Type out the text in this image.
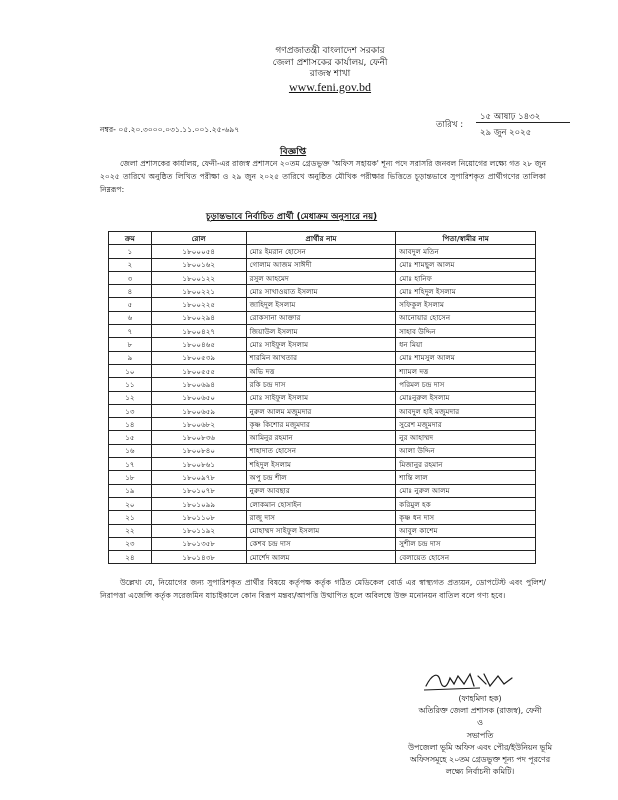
গণপ্রজাতন্ত্রী বাংলাদেশ সরকার
জেলা প্রশাসকের কার্যালয়, ফেনী
রাজস্ব শাখা
www.feni.gov.bd
নম্বর- ০৫.২০.৩০০০.০৩১.১১.০০১.২৫-৬৯৭	তারিখ :
১৫ আষাঢ় ১৪৩২
২৯ জুন ২০২৫
বিজ্ঞপ্তি
জেলা প্রশাসকের কার্যালয়, ফেনী-এর রাজস্ব প্রশাসনে ২০তম গ্রেডভুক্ত 'অফিস সহায়ক' শূন্য পদে সরাসরি জনবল নিয়োগের লক্ষ্যে গত ২৮ জুন ২০২৫ তারিখে অনুষ্ঠিত লিখিত পরীক্ষা ও ২৯ জুন ২০২৫ তারিখে অনুষ্ঠিত মৌখিক পরীক্ষার ভিত্তিতে চূড়ান্তভাবে সুপারিশকৃত প্রার্থীগণের তালিকা নিম্নরূপ:
চূড়ান্তভাবে নির্বাচিত প্রার্থী (মেধাক্রম অনুসারে নয়)
ক্রম	রোল	প্রার্থীর নাম	পিতা/স্বামীর নাম
১	১৮০০০৫৪	মোঃ ইমরান হোসেন	আবদুল মতিন
২	১৮০০১৬২	গোলাম আজম সাঈদী	মোঃ শামছুল আলম
৩	১৮০০১২২	রসুল আহমেদ	মোঃ হানিফ
৪	১৮০০২২১	মোঃ সাখাওয়াত ইসলাম	মোঃ শহিদুল ইসলাম
৫	১৮০০২২৫	জাহিদুল ইসলাম	সফিকুল ইসলাম
৬	১৮০০২৯৪	রোকসানা আক্তার	আনোয়ার হোসেন
৭	১৮০০৪২৭	জিয়াউল ইসলাম	সাহাব উদ্দিন
৮	১৮০০৪৬৫	মোঃ সাইফুল ইসলাম	ধন মিয়া
৯	১৮০০৫৩৯	শারমিন আখতার	মোঃ শামসুল আলম
১০	১৮০০৫৫৫	অভি দত্ত	শ্যামল দত্ত
১১	১৮০০৬৯৪	রকি চন্দ্র দাস	পরিমল চন্দ্র দাস
১২	১৮০০৬৫০	মোঃ সাইফুল ইসলাম	মোঃনুরুল ইসলাম
১৩	১৮০০৬৫৯	নুরুল আলম মজুমদার	আবদুল হাই মজুমদার
১৪	১৮০০৬৮২	কৃষ্ণ কিশোর মজুমদার	সুরেশ মজুমদার
১৫	১৮০০৮৩৬	আমিনুর রহমান	নুর আহাম্মদ
১৬	১৮০০৮৪০	শাহাদাত হোসেন	আলা উদ্দিন
১৭	১৮০০৮৬১	শহিদুল ইসলাম	মিজানুর রহমান
১৮	১৮০০৯৭৮	অপু চন্দ্র শীল	শান্তি লাল
১৯	১৮০১০৭৮	নুরুল আবছার	মোঃ নুরুল আলম
২০	১৮০১০৯৯	লোকমান হোসাইন	করিমুল হক
২১	১৮০১১০৮	রাজু দাস	কৃষ্ণ ধন দাস
২২	১৮০১১৯২	মোহাম্মদ সাইফুল ইসলাম	আবুল কাশেম
২৩	১৮০১৩৫৮	কেশব চন্দ্র দাস	সুশীল চন্দ্র দাস
২৪	১৮০১৪৩৮	মোর্শেদ আলম	বেলায়েত হোসেন
উল্লেখ্য যে, নিয়োগের জন্য সুপারিশকৃত প্রার্থীর বিষয়ে কর্তৃপক্ষ কর্তৃক গঠিত মেডিকেল বোর্ড এর স্বাস্থ্যগত প্রত্যয়ন, ডোপটেস্ট এবং পুলিশ/নিরাপত্তা এজেন্সি কর্তৃক সরেজমিন যাচাইকালে কোন বিরূপ মন্তব্য/আপত্তি উত্থাপিত হলে অবিলম্বে উক্ত মনোনয়ন বাতিল বলে গণ্য হবে।
(ফাহমিদা হক)
অতিরিক্ত জেলা প্রশাসক (রাজস্ব), ফেনী
ও
সভাপতি
উপজেলা ভূমি অফিস এবং পৌর/ইউনিয়ন ভূমি
অফিসসমূহে ২০তম গ্রেডভুক্ত শূন্য পদ পূরণের
লক্ষ্যে নির্বাচনী কমিটি।
